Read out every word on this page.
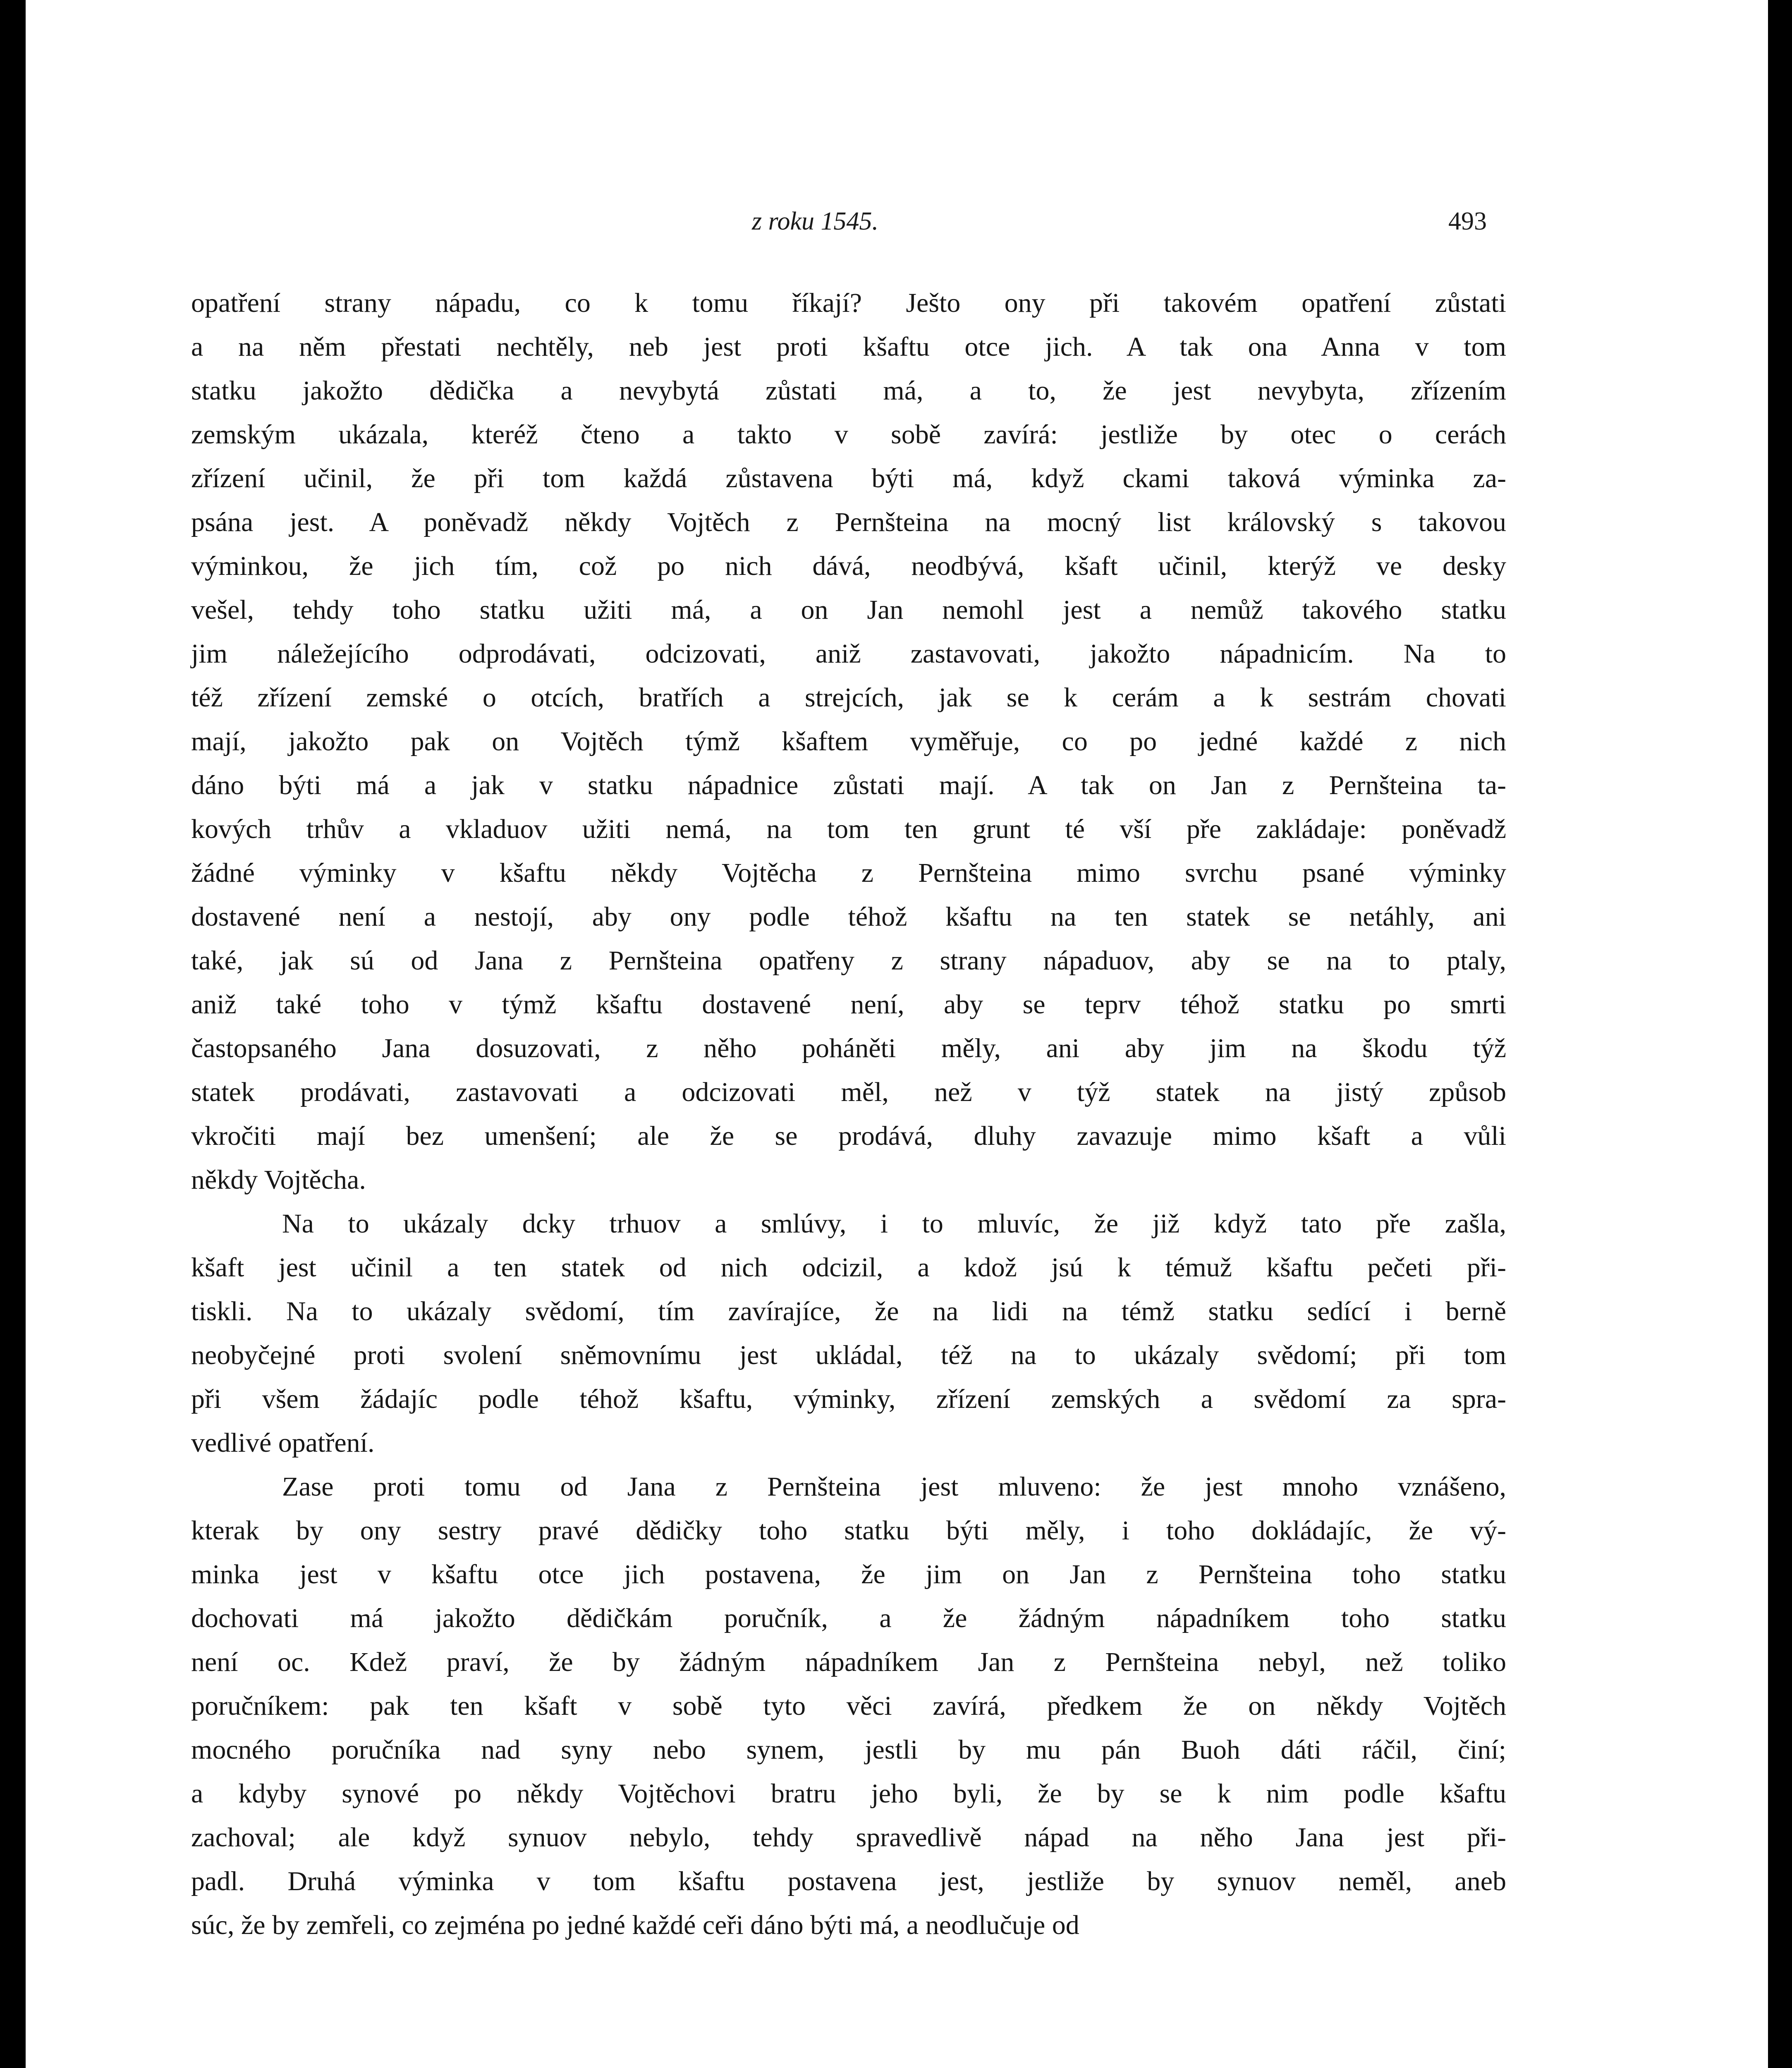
z roku 1545.	493
opatření strany nápadu, co k tomu říkají? Ješto ony při takovém opatření zůstati
a na něm přestati nechtěly, neb jest proti kšaftu otce jich. A tak ona Anna v tom
statku jakožto dědička a nevybytá zůstati má, a to, že jest nevybyta, zřízením
zemským ukázala, kteréž čteno a takto v sobě zavírá: jestliže by otec o cerách
zřízení učinil, že při tom každá zůstavena býti má, když ckami taková výminka za-
psána jest. A poněvadž někdy Vojtěch z Pernšteina na mocný list královský s takovou
výminkou, že jich tím, což po nich dává, neodbývá, kšaft učinil, kterýž ve desky
vešel, tehdy toho statku užiti má, a on Jan nemohl jest a nemůž takového statku
jim náležejícího odprodávati, odcizovati, aniž zastavovati, jakožto nápadnicím. Na to
též zřízení zemské o otcích, bratřích a strejcích, jak se k cerám a k sestrám chovati
mají, jakožto pak on Vojtěch týmž kšaftem vyměřuje, co po jedné každé z nich
dáno býti má a jak v statku nápadnice zůstati mají. A tak on Jan z Pernšteina ta-
kových trhův a vkladuov užiti nemá, na tom ten grunt té vší pře zakládaje: poněvadž
žádné výminky v kšaftu někdy Vojtěcha z Pernšteina mimo svrchu psané výminky
dostavené není a nestojí, aby ony podle téhož kšaftu na ten statek se netáhly, ani
také, jak sú od Jana z Pernšteina opatřeny z strany nápaduov, aby se na to ptaly,
aniž také toho v týmž kšaftu dostavené není, aby se teprv téhož statku po smrti
častopsaného Jana dosuzovati, z něho poháněti měly, ani aby jim na škodu týž
statek prodávati, zastavovati a odcizovati měl, než v týž statek na jistý způsob
vkročiti mají bez umenšení; ale že se prodává, dluhy zavazuje mimo kšaft a vůli
někdy Vojtěcha.
Na to ukázaly dcky trhuov a smlúvy, i to mluvíc, že již když tato pře zašla,
kšaft jest učinil a ten statek od nich odcizil, a kdož jsú k témuž kšaftu pečeti při-
tiskli. Na to ukázaly svědomí, tím zavírajíce, že na lidi na témž statku sedící i berně
neobyčejné proti svolení sněmovnímu jest ukládal, též na to ukázaly svědomí; při tom
při všem žádajíc podle téhož kšaftu, výminky, zřízení zemských a svědomí za spra-
vedlivé opatření.
Zase proti tomu od Jana z Pernšteina jest mluveno: že jest mnoho vznášeno,
kterak by ony sestry pravé dědičky toho statku býti měly, i toho dokládajíc, že vý-
minka jest v kšaftu otce jich postavena, že jim on Jan z Pernšteina toho statku
dochovati má jakožto dědičkám poručník, a že žádným nápadníkem toho statku
není oc. Kdež praví, že by žádným nápadníkem Jan z Pernšteina nebyl, než toliko
poručníkem: pak ten kšaft v sobě tyto věci zavírá, předkem že on někdy Vojtěch
mocného poručníka nad syny nebo synem, jestli by mu pán Buoh dáti ráčil, činí;
a kdyby synové po někdy Vojtěchovi bratru jeho byli, že by se k nim podle kšaftu
zachoval; ale když synuov nebylo, tehdy spravedlivě nápad na něho Jana jest při-
padl. Druhá výminka v tom kšaftu postavena jest, jestliže by synuov neměl, aneb
súc, že by zemřeli, co zejména po jedné každé ceři dáno býti má, a neodlučuje od
